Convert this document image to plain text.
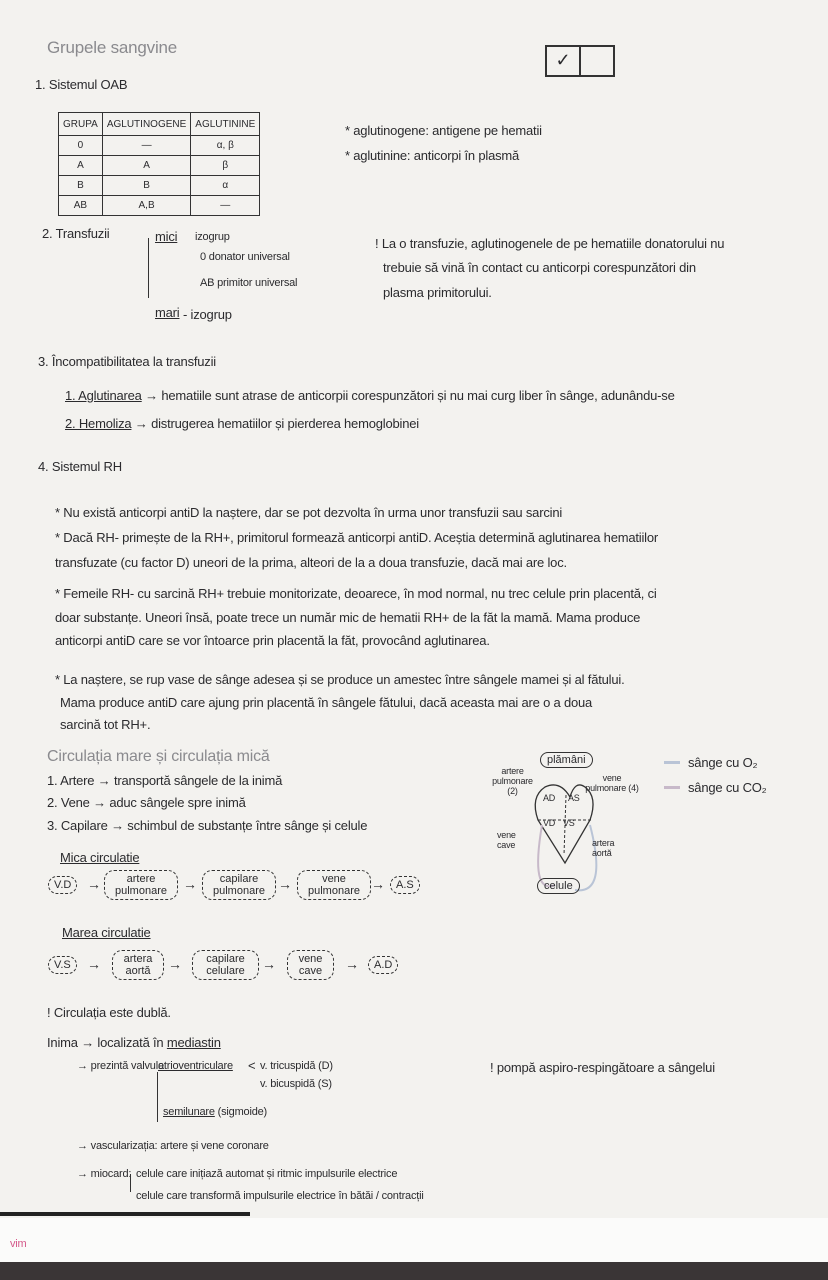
Grupele sangvine
✓
1. Sistemul OAB
GRUPA	AGLUTINOGENE	AGLUTININE
0	—	α, β
A	A	β
B	B	α
AB	A,B	—
* aglutinogene: antigene pe hematii
* aglutinine: anticorpi în plasmă
2. Transfuzii	mici izogrup
0 donator universal
AB primitor universal
mari - izogrup
! La o transfuzie, aglutinogenele de pe hematiile donatorului nu
trebuie să vină în contact cu anticorpi corespunzători din
plasma primitorului.
3. Încompatibilitatea la transfuzii
1. Aglutinarea → hematiile sunt atrase de anticorpii corespunzători și nu mai curg liber în sânge, adunându-se
2. Hemoliza → distrugerea hematiilor și pierderea hemoglobinei
4. Sistemul RH
* Nu există anticorpi antiD la naștere, dar se pot dezvolta în urma unor transfuzii sau sarcini
* Dacă RH- primește de la RH+, primitorul formează anticorpi antiD. Aceștia determină aglutinarea hematiilor
transfuzate (cu factor D) uneori de la prima, alteori de la a doua transfuzie, dacă mai are loc.
* Femeile RH- cu sarcină RH+ trebuie monitorizate, deoarece, în mod normal, nu trec celule prin placentă, ci
doar substanțe. Uneori însă, poate trece un număr mic de hematii RH+ de la făt la mamă. Mama produce
anticorpi antiD care se vor întoarce prin placentă la făt, provocând aglutinarea.
* La naștere, se rup vase de sânge adesea și se produce un amestec între sângele mamei și al fătului.
Mama produce antiD care ajung prin placentă în sângele fătului, dacă aceasta mai are o a doua
sarcină tot RH+.
Circulația mare și circulația mică
1. Artere → transportă sângele de la inimă
2. Vene → aduc sângele spre inimă
3. Capilare → schimbul de substanțe între sânge și celule
Mica circulatie
V.D	→	artere pulmonare	→	capilare pulmonare →	vene pulmonare →	A.S
Marea circulatie
V.S	→	artera aortă	→	capilare celulare	→	vene cave	→	A.D
plămâni
celule
artere pulmonare (2)
vene pulmonare (4)
vene cave	artera aortă
AD AS
VD VS
sânge cu O₂
sânge cu CO₂
! Circulația este dublă.
Inima → localizată în mediastin
→ prezintă valvule
atrioventriculare < v. tricuspidă (D)
v. bicuspidă (S)
semilunare (sigmoide)
! pompă aspiro-respingătoare a sângelui
→ vascularizația: artere și vene coronare
→ miocard: celule care inițiază automat și ritmic impulsurile electrice
celule care transformă impulsurile electrice în bătăi / contracții
vim
